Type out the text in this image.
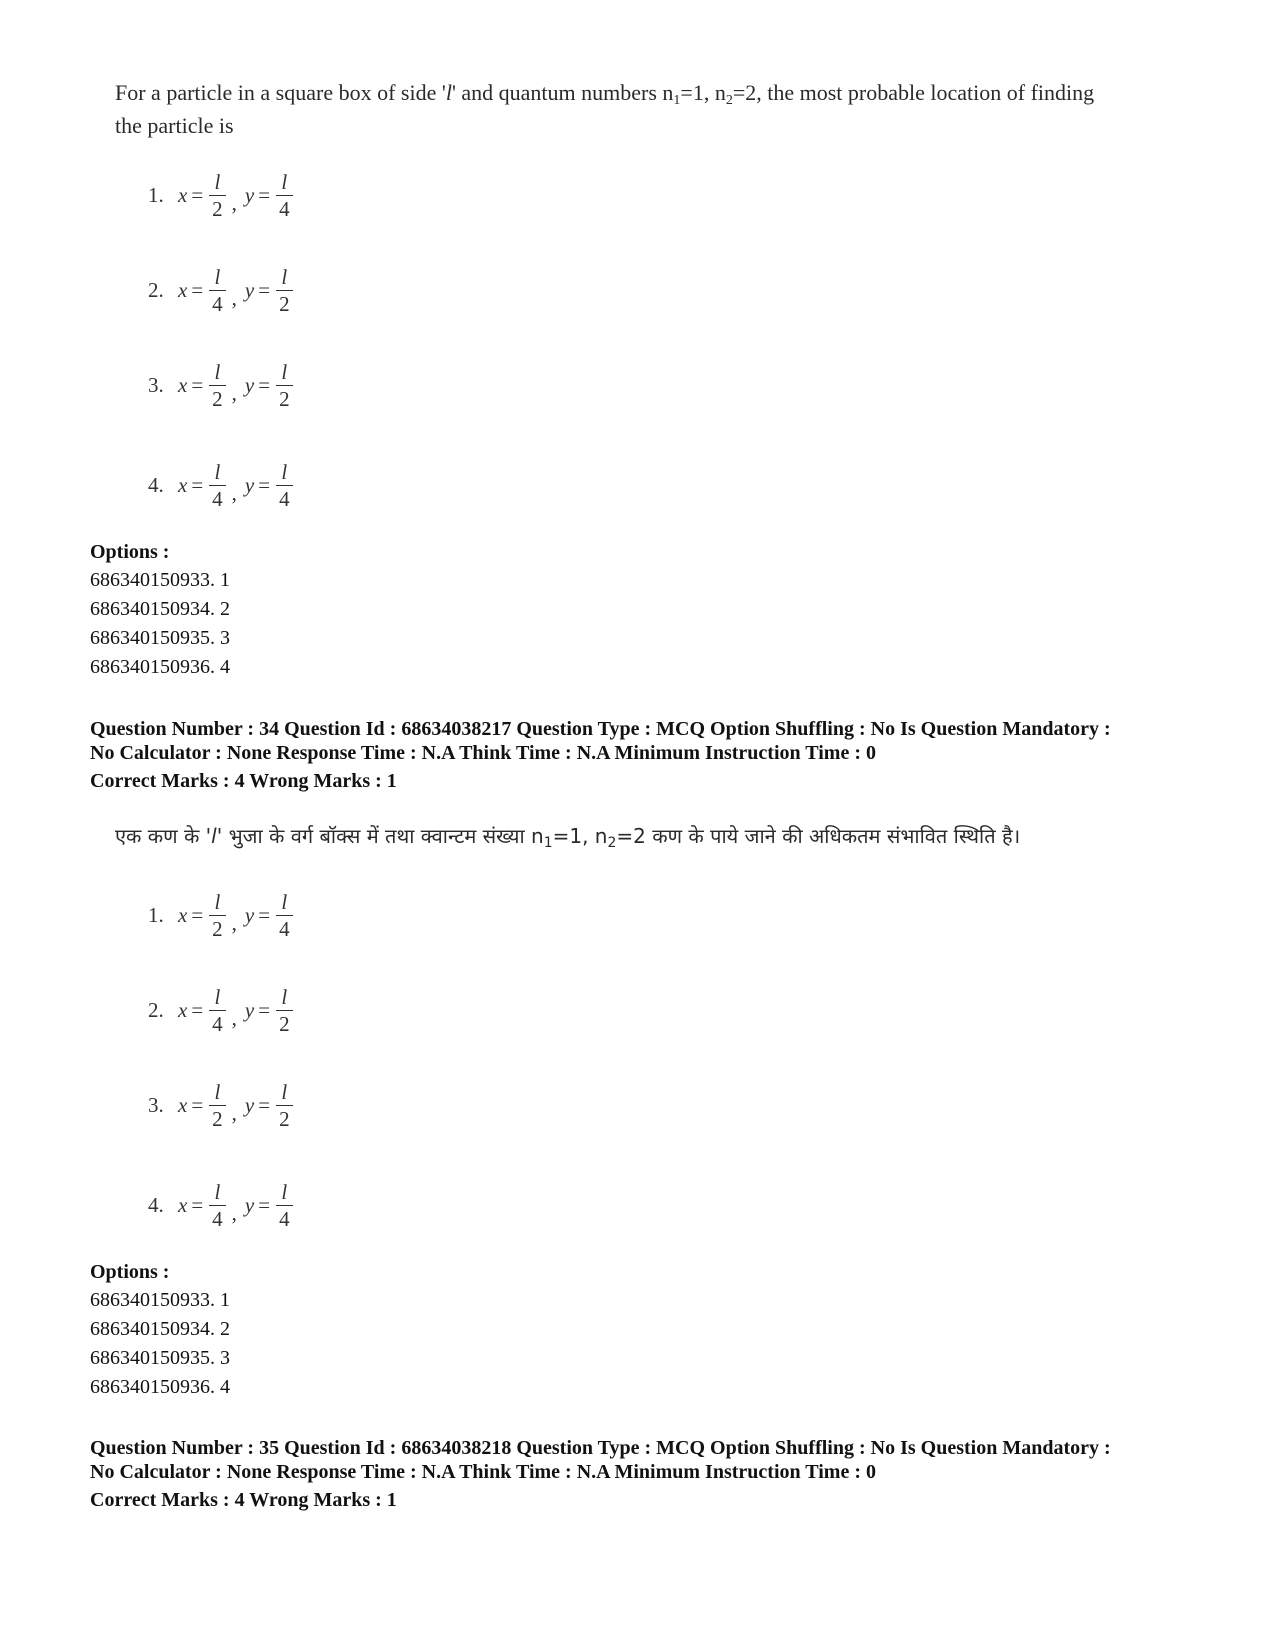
For a particle in a square box of side 'l' and quantum numbers $n_1=1$, $n_2=2$, the most probable location of finding the particle is
1. $x = \frac{l}{2}$ , $y = \frac{l}{4}$
2. $x = \frac{l}{4}$ , $y = \frac{l}{2}$
3. $x = \frac{l}{2}$ , $y = \frac{l}{2}$
4. $x = \frac{l}{4}$ , $y = \frac{l}{4}$
Options :
686340150933. 1
686340150934. 2
686340150935. 3
686340150936. 4
Question Number : 34 Question Id : 68634038217 Question Type : MCQ Option Shuffling : No Is Question Mandatory :
No Calculator : None Response Time : N.A Think Time : N.A Minimum Instruction Time : 0
Correct Marks : 4 Wrong Marks : 1
एक कण के 'l' भुजा के वर्ग बॉक्स में तथा क्वान्टम संख्या $n_1=1$, $n_2=2$ कण के पाये जाने की अधिकतम संभावित स्थिति है।
1. $x = \frac{l}{2}$ , $y = \frac{l}{4}$
2. $x = \frac{l}{4}$ , $y = \frac{l}{2}$
3. $x = \frac{l}{2}$ , $y = \frac{l}{2}$
4. $x = \frac{l}{4}$ , $y = \frac{l}{4}$
Options :
686340150933. 1
686340150934. 2
686340150935. 3
686340150936. 4
Question Number : 35 Question Id : 68634038218 Question Type : MCQ Option Shuffling : No Is Question Mandatory :
No Calculator : None Response Time : N.A Think Time : N.A Minimum Instruction Time : 0
Correct Marks : 4 Wrong Marks : 1
